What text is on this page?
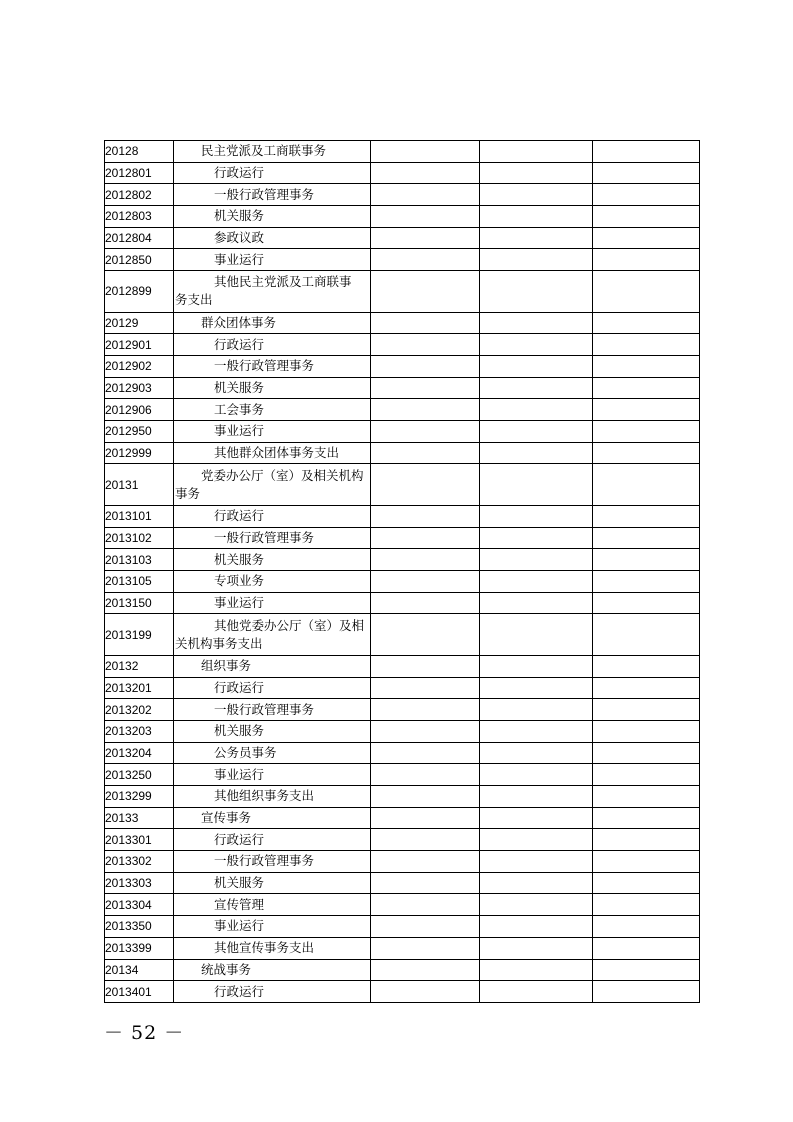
20128	民主党派及工商联事务			
2012801	行政运行			
2012802	一般行政管理事务			
2012803	机关服务			
2012804	参政议政			
2012850	事业运行			
2012899	其他民主党派及工商联事
务支出			
20129	群众团体事务			
2012901	行政运行			
2012902	一般行政管理事务			
2012903	机关服务			
2012906	工会事务			
2012950	事业运行			
2012999	其他群众团体事务支出			
20131	党委办公厅（室）及相关机构
事务			
2013101	行政运行			
2013102	一般行政管理事务			
2013103	机关服务			
2013105	专项业务			
2013150	事业运行			
2013199	其他党委办公厅（室）及相
关机构事务支出			
20132	组织事务			
2013201	行政运行			
2013202	一般行政管理事务			
2013203	机关服务			
2013204	公务员事务			
2013250	事业运行			
2013299	其他组织事务支出			
20133	宣传事务			
2013301	行政运行			
2013302	一般行政管理事务			
2013303	机关服务			
2013304	宣传管理			
2013350	事业运行			
2013399	其他宣传事务支出			
20134	统战事务			
2013401	行政运行			
－ 52 －
